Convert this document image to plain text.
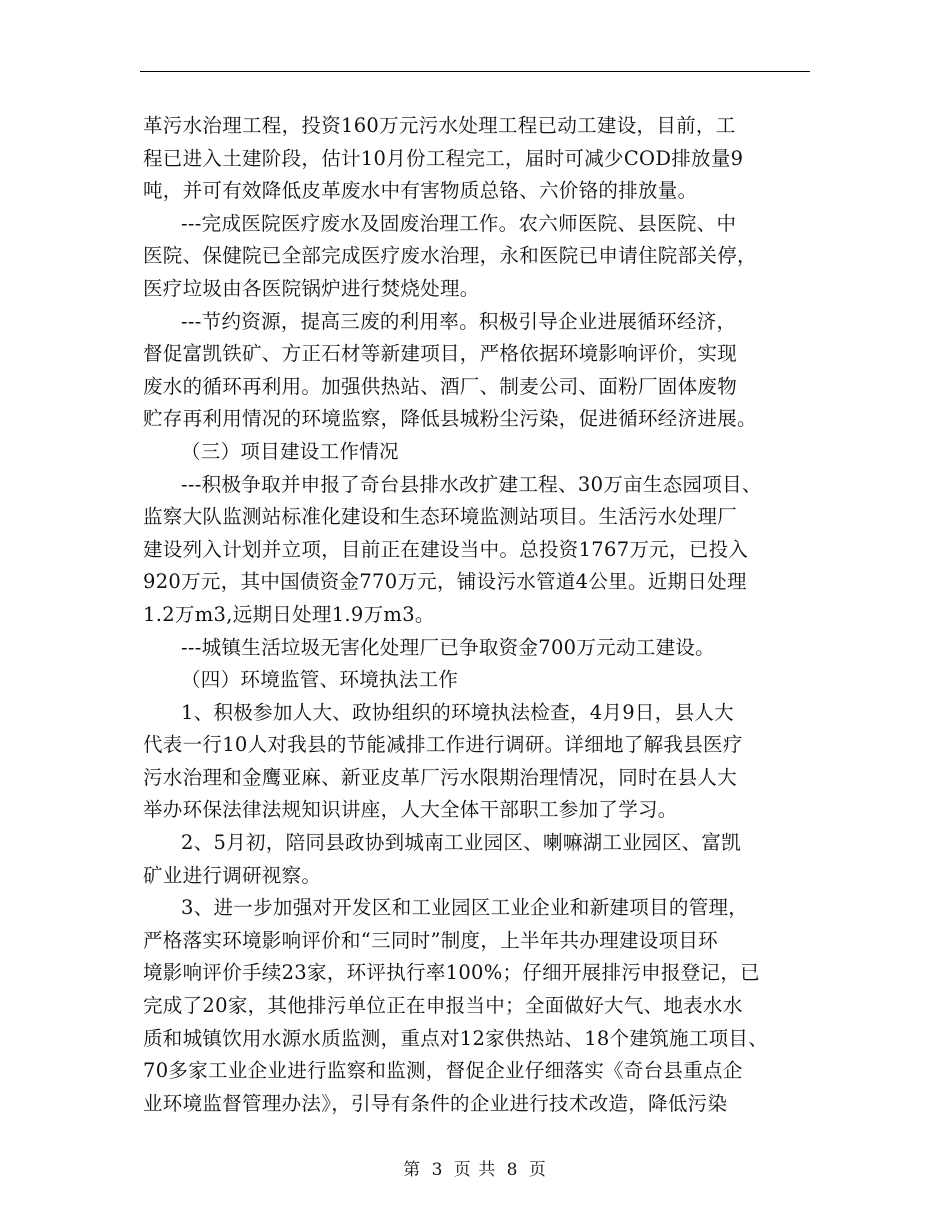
革污水治理工程，投资160万元污水处理工程已动工建设，目前，工
程已进入土建阶段，估计10月份工程完工，届时可减少COD排放量9
吨，并可有效降低皮革废水中有害物质总铬、六价铬的排放量。
---完成医院医疗废水及固废治理工作。农六师医院、县医院、中
医院、保健院已全部完成医疗废水治理，永和医院已申请住院部关停，
医疗垃圾由各医院锅炉进行焚烧处理。
---节约资源，提高三废的利用率。积极引导企业进展循环经济，
督促富凯铁矿、方正石材等新建项目，严格依据环境影响评价，实现
废水的循环再利用。加强供热站、酒厂、制麦公司、面粉厂固体废物
贮存再利用情况的环境监察，降低县城粉尘污染，促进循环经济进展。
（三）项目建设工作情况
---积极争取并申报了奇台县排水改扩建工程、30万亩生态园项目、
监察大队监测站标准化建设和生态环境监测站项目。生活污水处理厂
建设列入计划并立项，目前正在建设当中。总投资1767万元，已投入
920万元，其中国债资金770万元，铺设污水管道4公里。近期日处理
1.2万m3,远期日处理1.9万m3。
---城镇生活垃圾无害化处理厂已争取资金700万元动工建设。
（四）环境监管、环境执法工作
1、积极参加人大、政协组织的环境执法检查，4月9日，县人大
代表一行10人对我县的节能减排工作进行调研。详细地了解我县医疗
污水治理和金鹰亚麻、新亚皮革厂污水限期治理情况，同时在县人大
举办环保法律法规知识讲座，人大全体干部职工参加了学习。
2、5月初，陪同县政协到城南工业园区、喇嘛湖工业园区、富凯
矿业进行调研视察。
3、进一步加强对开发区和工业园区工业企业和新建项目的管理，
严格落实环境影响评价和“三同时”制度，上半年共办理建设项目环
境影响评价手续23家，环评执行率100%；仔细开展排污申报登记，已
完成了20家，其他排污单位正在申报当中；全面做好大气、地表水水
质和城镇饮用水源水质监测，重点对12家供热站、18个建筑施工项目、
70多家工业企业进行监察和监测，督促企业仔细落实《奇台县重点企
业环境监督管理办法》，引导有条件的企业进行技术改造，降低污染
第 3 页 共 8 页
